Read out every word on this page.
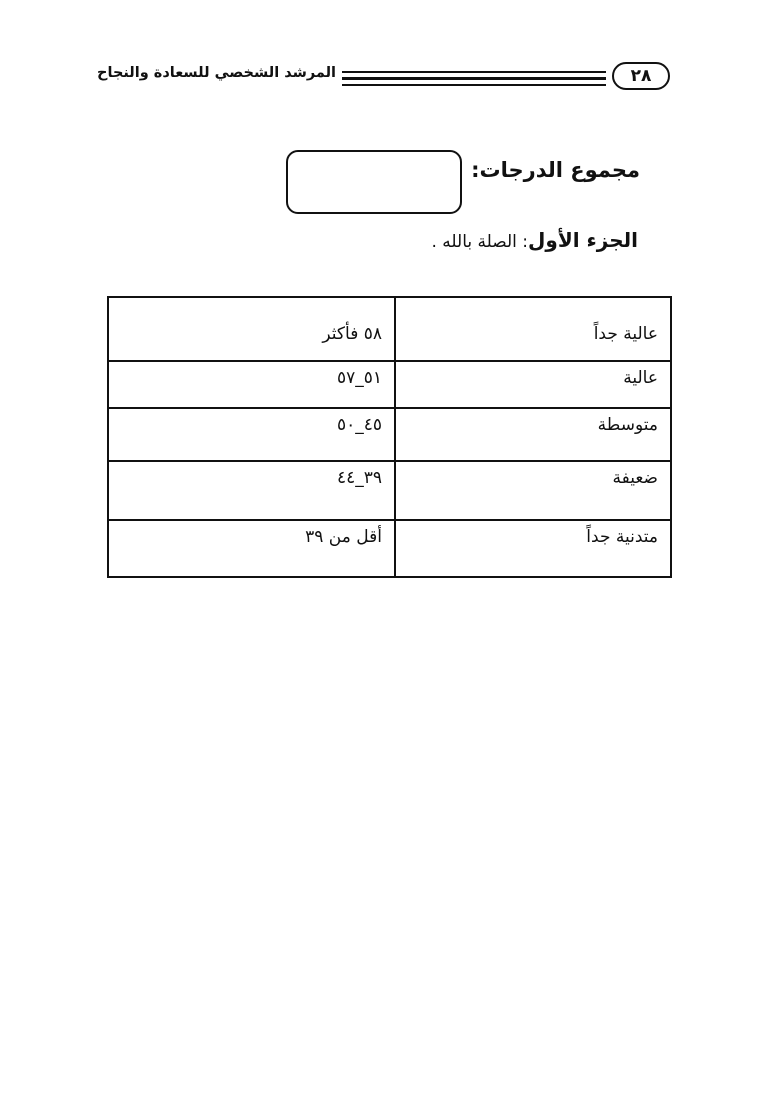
٢٨
المرشد الشخصي للسعادة والنجاح
مجموع الدرجات:
الجزء الأول: الصلة بالله .
عالية جداً	٥٨ فأكثر
عالية	٥١_٥٧
متوسطة	٤٥_٥٠
ضعيفة	٣٩_٤٤
متدنية جداً	أقل من ٣٩
